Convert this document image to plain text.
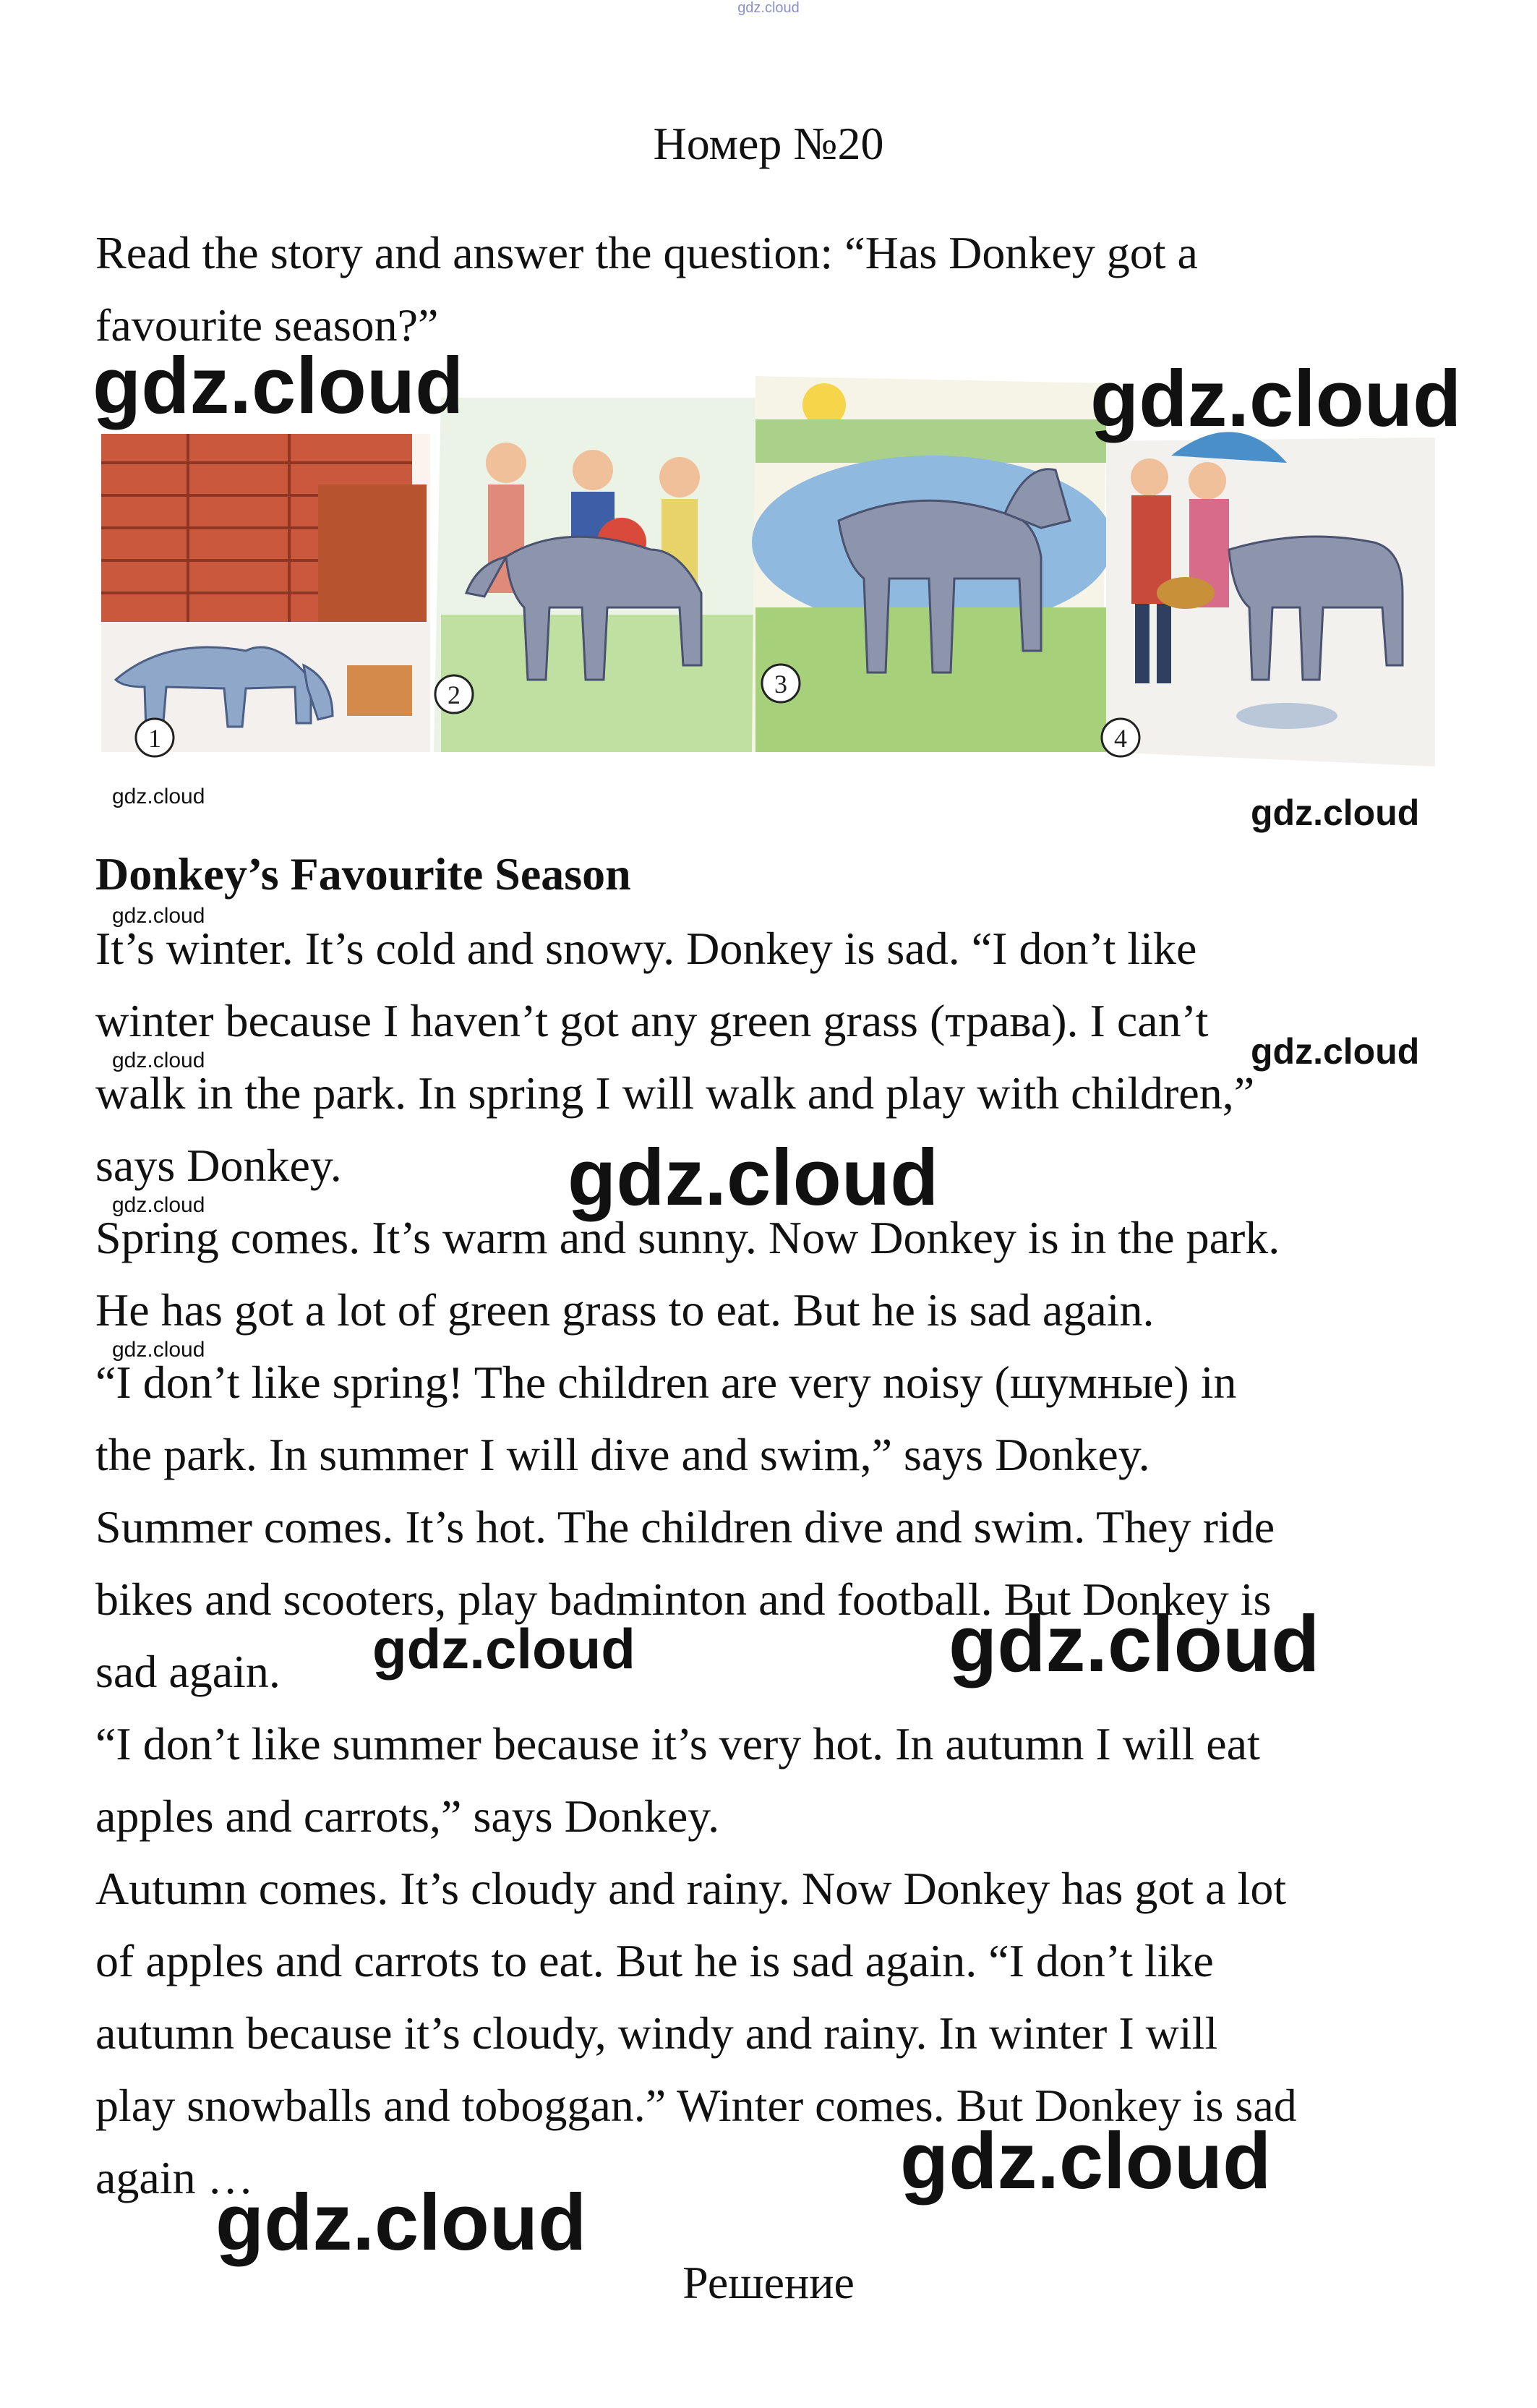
gdz.cloud
Номер №20
Read the story and answer the question: “Has Donkey got a
favourite season?”
1
2	3
4
Donkey’s Favourite Season
It’s winter. It’s cold and snowy. Donkey is sad. “I don’t like
winter because I haven’t got any green grass (трава). I can’t
walk in the park. In spring I will walk and play with children,”
says Donkey.
Spring comes. It’s warm and sunny. Now Donkey is in the park.
He has got a lot of green grass to eat. But he is sad again.
“I don’t like spring! The children are very noisy (шумные) in
the park. In summer I will dive and swim,” says Donkey.
Summer comes. It’s hot. The children dive and swim. They ride
bikes and scooters, play badminton and football. But Donkey is
sad again.
“I don’t like summer because it’s very hot. In autumn I will eat
apples and carrots,” says Donkey.
Autumn comes. It’s cloudy and rainy. Now Donkey has got a lot
of apples and carrots to eat. But he is sad again. “I don’t like
autumn because it’s cloudy, windy and rainy. In winter I will
play snowballs and toboggan.” Winter comes. But Donkey is sad
again …
Решение
gdz.cloud	gdz.cloud
gdz.cloud	gdz.cloud
gdz.cloud
gdz.cloud	gdz.cloud
gdz.cloud
gdz.cloud
gdz.cloud
gdz.cloud	gdz.cloud
gdz.cloud
gdz.cloud
